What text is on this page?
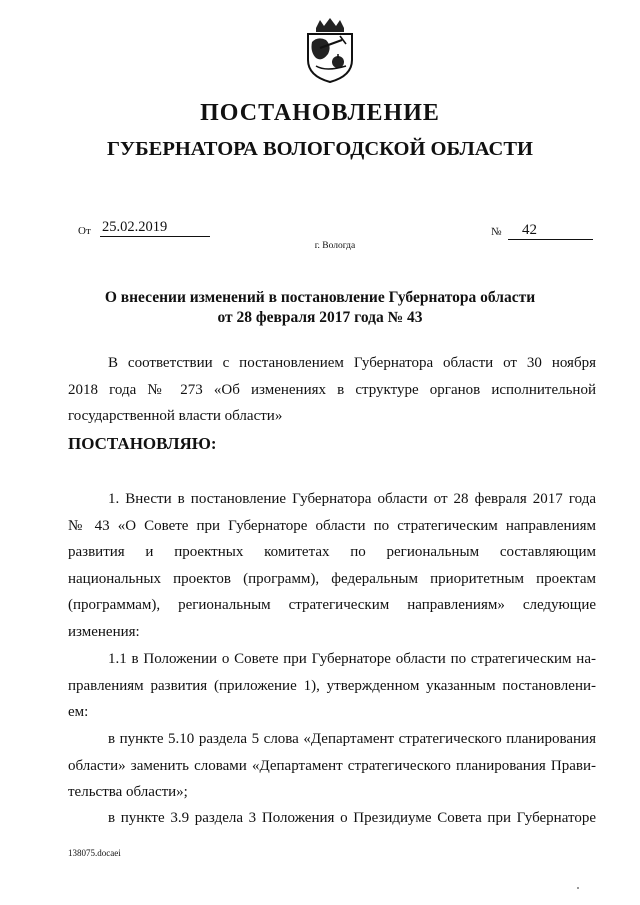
ПОСТАНОВЛЕНИЕ
ГУБЕРНАТОРА ВОЛОГОДСКОЙ ОБЛАСТИ
От 25.02.2019	№	42
г. Вологда
О внесении изменений в постановление Губернатора области
от 28 февраля 2017 года № 43
В соответствии с постановлением Губернатора области от 30 ноября
2018 года № 273 «Об изменениях в структуре органов исполнительной
государственной власти области»
ПОСТАНОВЛЯЮ:
1. Внести в постановление Губернатора области от 28 февраля 2017 года
№ 43 «О Совете при Губернаторе области по стратегическим направлениям
развития и проектных комитетах по региональным составляющим
национальных проектов (программ), федеральным приоритетным проектам
(программам), региональным стратегическим направлениям» следующие
изменения:
1.1 в Положении о Совете при Губернаторе области по стратегическим на-
правлениям развития (приложение 1), утвержденном указанным постановлени-
ем:
в пункте 5.10 раздела 5 слова «Департамент стратегического планирования
области» заменить словами «Департамент стратегического планирования Прави-
тельства области»;
в пункте 3.9 раздела 3 Положения о Президиуме Совета при Губернаторе
138075.docaei
